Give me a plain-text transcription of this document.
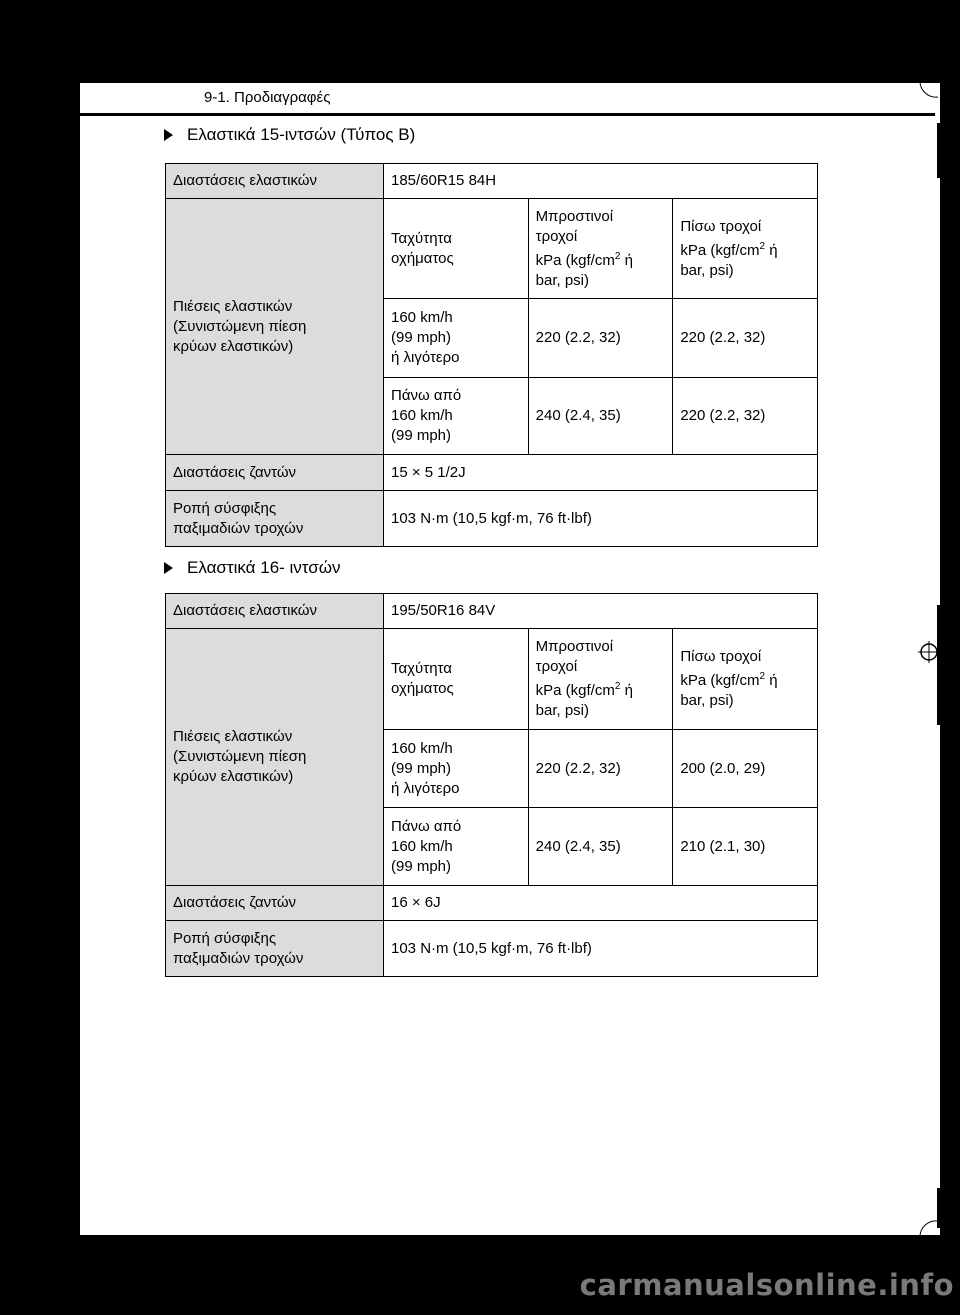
9-1. Προδιαγραφές
Ελαστικά 15-ιντσών (Τύπος B)
Διαστάσεις ελαστικών	185/60R15 84H		
Πιέσεις ελαστικών
(Συνιστώμενη πίεση
κρύων ελαστικών)	Ταχύτητα
οχήματος	Μπροστινοί
τροχοί
kPa ($kgf/cm^2$ ή
bar, psi)	Πίσω τροχοί
kPa ($kgf/cm^2$ ή
bar, psi)
	160 km/h
(99 mph)
ή λιγότερο	220 (2.2, 32)	220 (2.2, 32)
	Πάνω από
160 km/h
(99 mph)	240 (2.4, 35)	220 (2.2, 32)
Διαστάσεις ζαντών	15 × 5 1/2J		
Ροπή σύσφιξης
παξιμαδιών τροχών	103 N·m (10,5 kgf·m, 76 ft·lbf)		
Ελαστικά 16- ιντσών
Διαστάσεις ελαστικών	195/50R16 84V		
Πιέσεις ελαστικών
(Συνιστώμενη πίεση
κρύων ελαστικών)	Ταχύτητα
οχήματος	Μπροστινοί
τροχοί
kPa ($kgf/cm^2$ ή
bar, psi)	Πίσω τροχοί
kPa ($kgf/cm^2$ ή
bar, psi)
	160 km/h
(99 mph)
ή λιγότερο	220 (2.2, 32)	200 (2.0, 29)
	Πάνω από
160 km/h
(99 mph)	240 (2.4, 35)	210 (2.1, 30)
Διαστάσεις ζαντών	16 × 6J		
Ροπή σύσφιξης
παξιμαδιών τροχών	103 N·m (10,5 kgf·m, 76 ft·lbf)		
carmanualsonline.info
